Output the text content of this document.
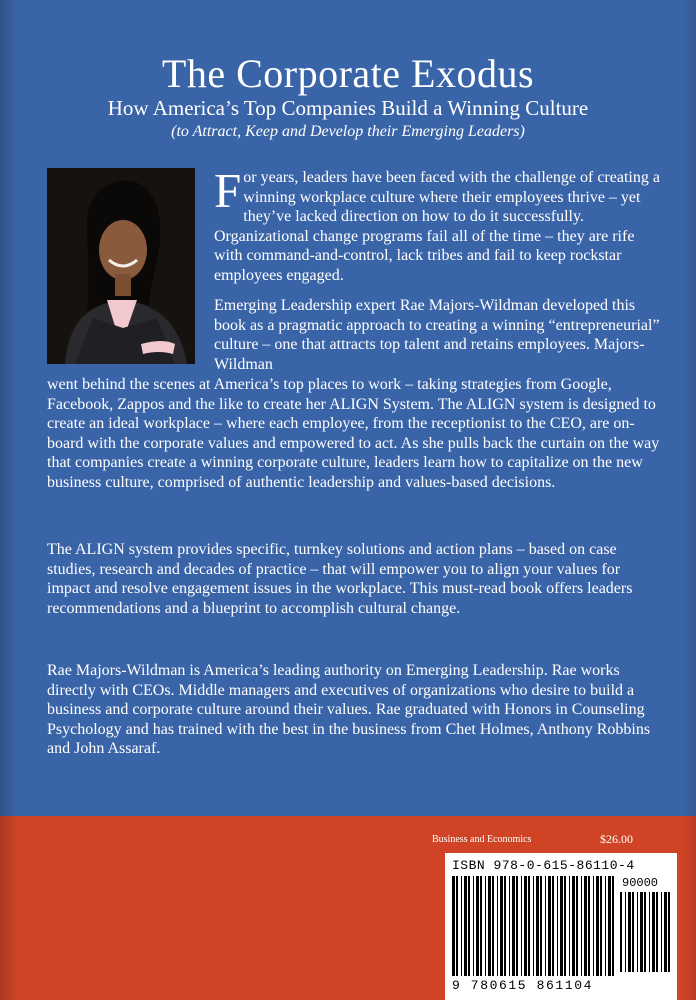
The Corporate Exodus
How America’s Top Companies Build a Winning Culture
(to Attract, Keep and Develop their Emerging Leaders)

For years, leaders have been faced with the challenge of creating a winning workplace culture where their employees thrive – yet they’ve lacked direction on how to do it successfully. Organizational change programs fail all of the time – they are rife with command-and-control, lack tribes and fail to keep rockstar employees engaged.

Emerging Leadership expert Rae Majors-Wildman developed this book as a pragmatic approach to creating a winning “entrepreneurial” culture – one that attracts top talent and retains employees. Majors-Wildman

went behind the scenes at America’s top places to work – taking strategies from Google, Facebook, Zappos and the like to create her ALIGN System. The ALIGN system is designed to create an ideal workplace – where each employee, from the receptionist to the CEO, are on-board with the corporate values and empowered to act. As she pulls back the curtain on the way that companies create a winning corporate culture, leaders learn how to capitalize on the new business culture, comprised of authentic leadership and values-based decisions.

The ALIGN system provides specific, turnkey solutions and action plans – based on case studies, research and decades of practice – that will empower you to align your values for impact and resolve engagement issues in the workplace. This must-read book offers leaders recommendations and a blueprint to accomplish cultural change.

Rae Majors-Wildman is America’s leading authority on Emerging Leadership. Rae works directly with CEOs. Middle managers and executives of organizations who desire to build a business and corporate culture around their values. Rae graduated with Honors in Counseling Psychology and has trained with the best in the business from Chet Holmes, Anthony Robbins and John Assaraf.

Business and Economics	$26.00
ISBN 978-0-615-86110-4
90000
9 780615 861104
